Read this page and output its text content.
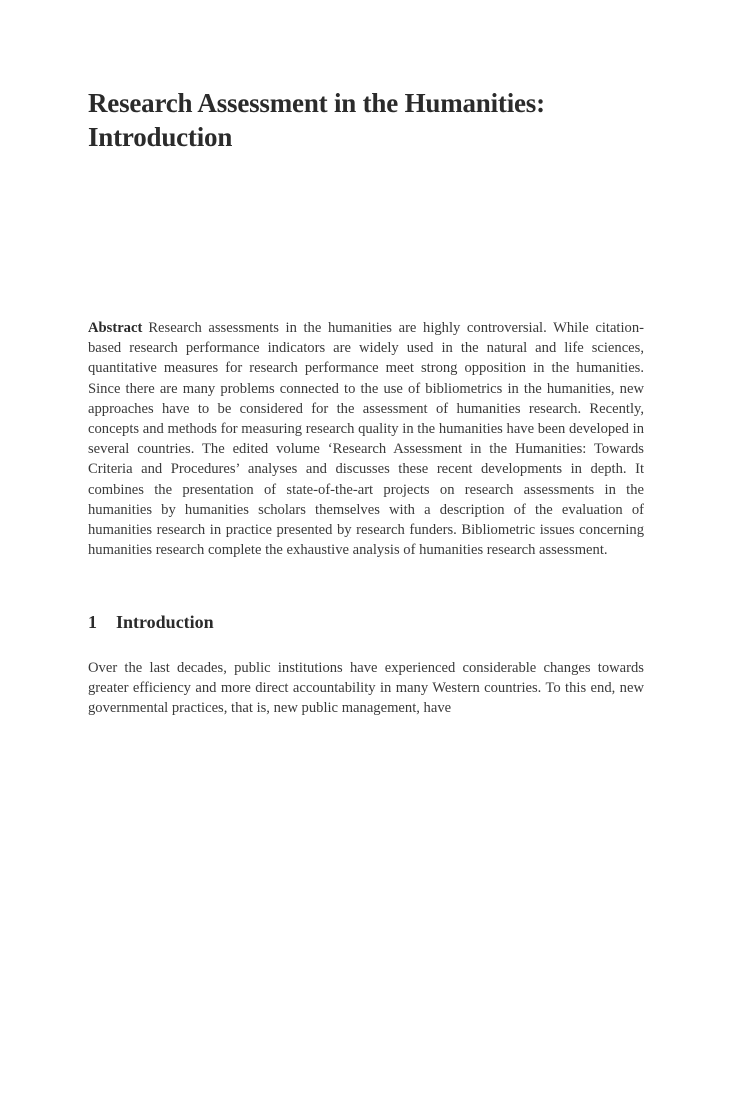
Research Assessment in the Humanities:
Introduction

Abstract Research assessments in the humanities are highly controversial. While citation-based research performance indicators are widely used in the natural and life sciences, quantitative measures for research performance meet strong opposition in the humanities. Since there are many problems connected to the use of bibliometrics in the humanities, new approaches have to be considered for the assessment of humanities research. Recently, concepts and methods for measuring research quality in the humanities have been developed in several countries. The edited volume ‘Research Assessment in the Humanities: Towards Criteria and Procedures’ analyses and discusses these recent developments in depth. It combines the presentation of state-of-the-art projects on research assessments in the humanities by humanities scholars themselves with a description of the evaluation of humanities research in practice presented by research funders. Bibliometric issues concerning humanities research complete the exhaustive analysis of humanities research assessment.

1 Introduction

Over the last decades, public institutions have experienced considerable changes towards greater efficiency and more direct accountability in many Western countries. To this end, new governmental practices, that is, new public management, have
